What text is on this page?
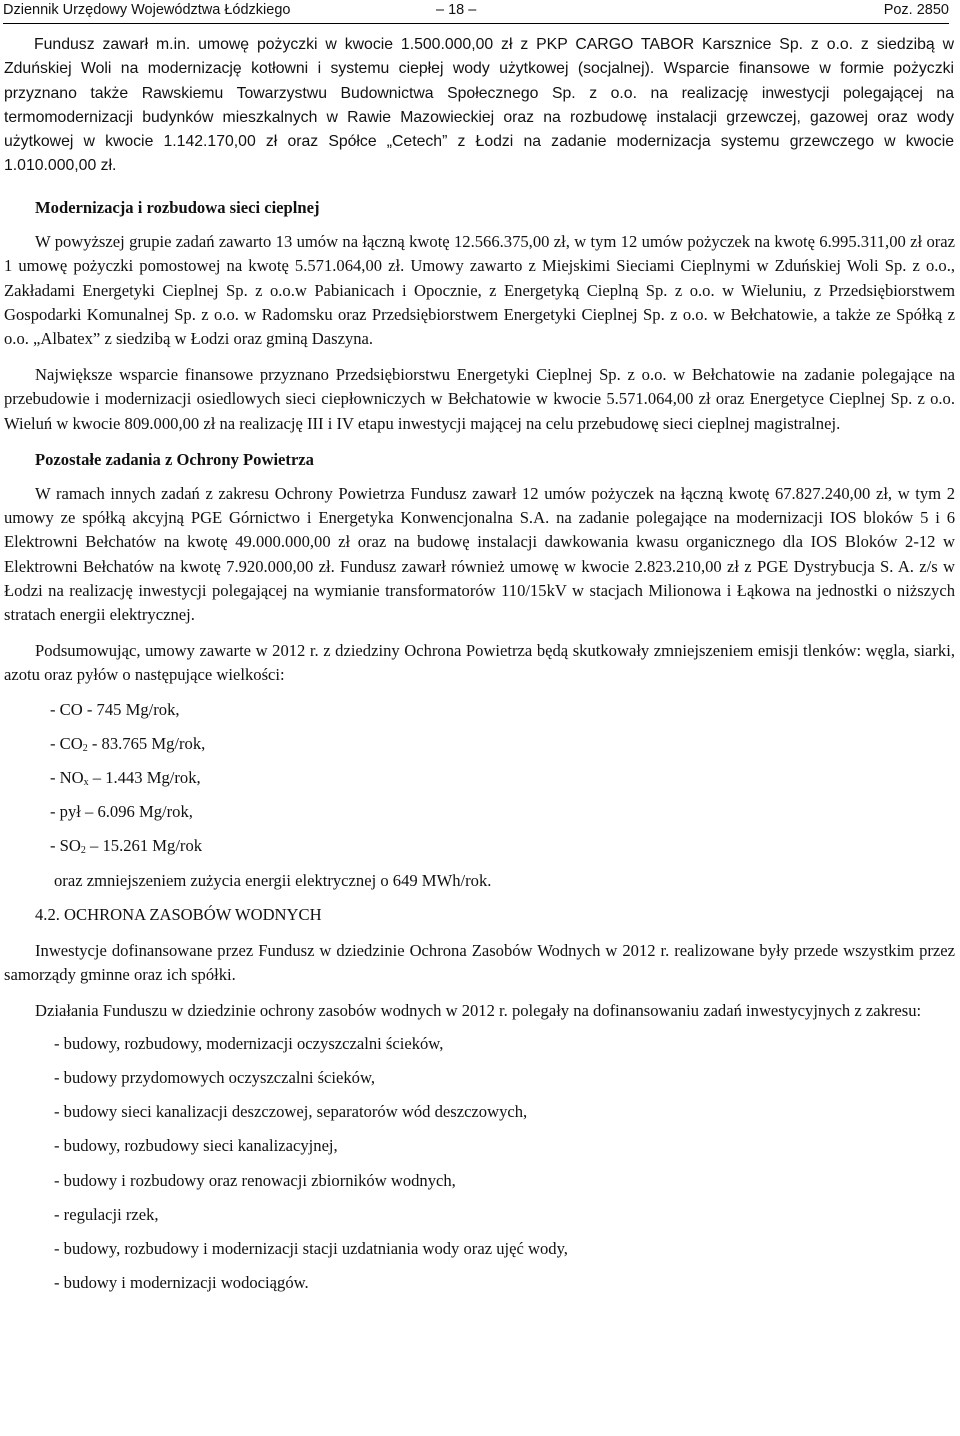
Dziennik Urzędowy Województwa Łódzkiego	– 18 –	Poz. 2850

Fundusz zawarł m.in. umowę pożyczki w kwocie 1.500.000,00 zł z PKP CARGO TABOR Karsznice Sp. z o.o. z siedzibą w Zduńskiej Woli na modernizację kotłowni i systemu ciepłej wody użytkowej (socjalnej). Wsparcie finansowe w formie pożyczki przyznano także Rawskiemu Towarzystwu Budownictwa Społecznego Sp. z o.o. na realizację inwestycji polegającej na termomodernizacji budynków mieszkalnych w Rawie Mazowieckiej oraz na rozbudowę instalacji grzewczej, gazowej oraz wody użytkowej w kwocie 1.142.170,00 zł oraz Spółce „Cetech” z Łodzi na zadanie modernizacja systemu grzewczego w kwocie 1.010.000,00 zł.

Modernizacja i rozbudowa sieci cieplnej

W powyższej grupie zadań zawarto 13 umów na łączną kwotę 12.566.375,00 zł, w tym 12 umów pożyczek na kwotę 6.995.311,00 zł oraz 1 umowę pożyczki pomostowej na kwotę 5.571.064,00 zł. Umowy zawarto z Miejskimi Sieciami Cieplnymi w Zduńskiej Woli Sp. z o.o., Zakładami Energetyki Cieplnej Sp. z o.o.w Pabianicach i Opocznie, z Energetyką Cieplną Sp. z o.o. w Wieluniu, z Przedsiębiorstwem Gospodarki Komunalnej Sp. z o.o. w Radomsku oraz Przedsiębiorstwem Energetyki Cieplnej Sp. z o.o. w Bełchatowie, a także ze Spółką z o.o. „Albatex” z siedzibą w Łodzi oraz gminą Daszyna.

Największe wsparcie finansowe przyznano Przedsiębiorstwu Energetyki Cieplnej Sp. z o.o. w Bełchatowie na zadanie polegające na przebudowie i modernizacji osiedlowych sieci ciepłowniczych w Bełchatowie w kwocie 5.571.064,00 zł oraz Energetyce Cieplnej Sp. z o.o. Wieluń w kwocie 809.000,00 zł na realizację III i IV etapu inwestycji mającej na celu przebudowę sieci cieplnej magistralnej.

Pozostałe zadania z Ochrony Powietrza

W ramach innych zadań z zakresu Ochrony Powietrza Fundusz zawarł 12 umów pożyczek na łączną kwotę 67.827.240,00 zł, w tym 2 umowy ze spółką akcyjną PGE Górnictwo i Energetyka Konwencjonalna S.A. na zadanie polegające na modernizacji IOS bloków 5 i 6 Elektrowni Bełchatów na kwotę 49.000.000,00 zł oraz na budowę instalacji dawkowania kwasu organicznego dla IOS Bloków 2-12 w Elektrowni Bełchatów na kwotę 7.920.000,00 zł. Fundusz zawarł również umowę w kwocie 2.823.210,00 zł z PGE Dystrybucja S. A. z/s w Łodzi na realizację inwestycji polegającej na wymianie transformatorów 110/15kV w stacjach Milionowa i Łąkowa na jednostki o niższych stratach energii elektrycznej.

Podsumowując, umowy zawarte w 2012 r. z dziedziny Ochrona Powietrza będą skutkowały zmniejszeniem emisji tlenków: węgla, siarki, azotu oraz pyłów o następujące wielkości:

- CO - 745 Mg/rok,

- $CO_2 - 83.765$ Mg/rok,

- $NO_x - 1.443$ Mg/rok,

- pył – 6.096 Mg/rok,

- $SO_2 - 15.261$ Mg/rok

oraz zmniejszeniem zużycia energii elektrycznej o 649 MWh/rok.

4.2. OCHRONA ZASOBÓW WODNYCH

Inwestycje dofinansowane przez Fundusz w dziedzinie Ochrona Zasobów Wodnych w 2012 r. realizowane były przede wszystkim przez samorządy gminne oraz ich spółki.

Działania Funduszu w dziedzinie ochrony zasobów wodnych w 2012 r. polegały na dofinansowaniu zadań inwestycyjnych z zakresu:

- budowy, rozbudowy, modernizacji oczyszczalni ścieków,

- budowy przydomowych oczyszczalni ścieków,

- budowy sieci kanalizacji deszczowej, separatorów wód deszczowych,

- budowy, rozbudowy sieci kanalizacyjnej,

- budowy i rozbudowy oraz renowacji zbiorników wodnych,

- regulacji rzek,

- budowy, rozbudowy i modernizacji stacji uzdatniania wody oraz ujęć wody,

- budowy i modernizacji wodociągów.
